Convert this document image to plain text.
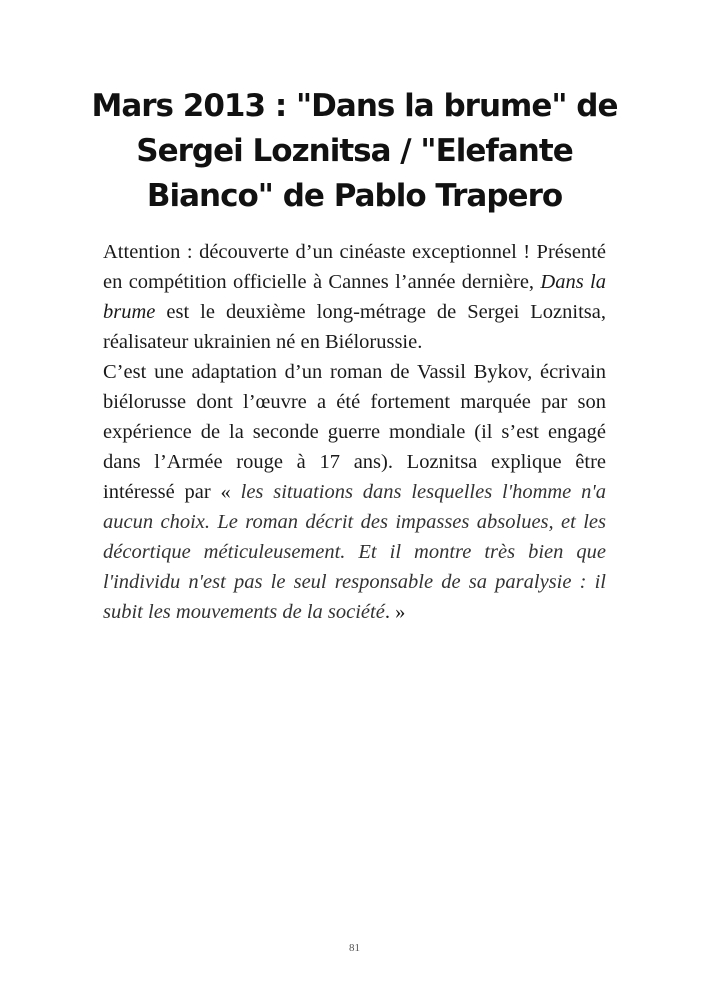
Mars 2013 : "Dans la brume" de Sergei Loznitsa / "Elefante Bianco" de Pablo Trapero

Attention : découverte d’un cinéaste exceptionnel ! Présenté en compétition officielle à Cannes l’année dernière, Dans la brume est le deuxième long-métrage de Sergei Loznitsa, réalisateur ukrainien né en Biélorussie.

C’est une adaptation d’un roman de Vassil Bykov, écrivain biélorusse dont l’œuvre a été fortement marquée par son expérience de la seconde guerre mondiale (il s’est engagé dans l’Armée rouge à 17 ans). Loznitsa explique être intéressé par « les situations dans lesquelles l'homme n'a aucun choix. Le roman décrit des impasses absolues, et les décortique méticuleusement. Et il montre très bien que l'individu n'est pas le seul responsable de sa paralysie : il subit les mouvements de la société. »

81
